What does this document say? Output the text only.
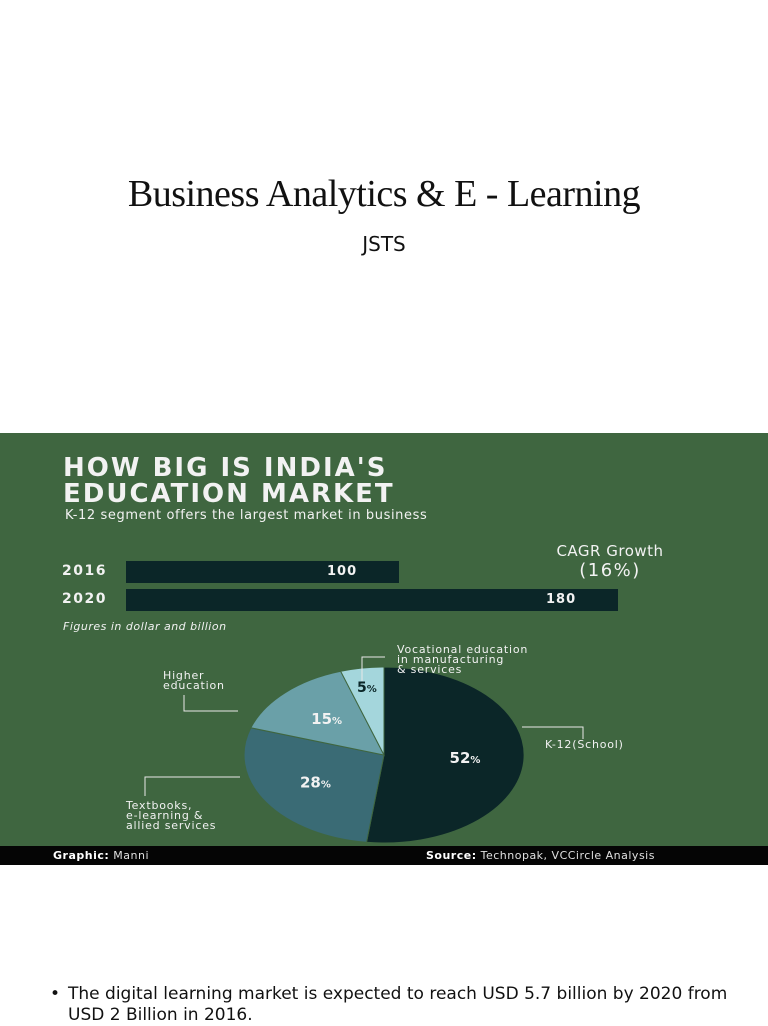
Business Analytics & E - Learning
JSTS
HOW BIG IS INDIA'S
EDUCATION MARKET
K-12 segment offers the largest market in business
CAGR Growth
(16%)
2016	100
2020	180
Figures in dollar and billion
52%
28%
15%
5%
K-12(School)
Textbooks,
e-learning &
allied services
Higher
education
Vocational education
in manufacturing
& services
Graphic: Manni	Source: Technopak, VCCircle Analysis
• The digital learning market is expected to reach USD 5.7 billion by 2020 from USD 2 Billion in 2016.
